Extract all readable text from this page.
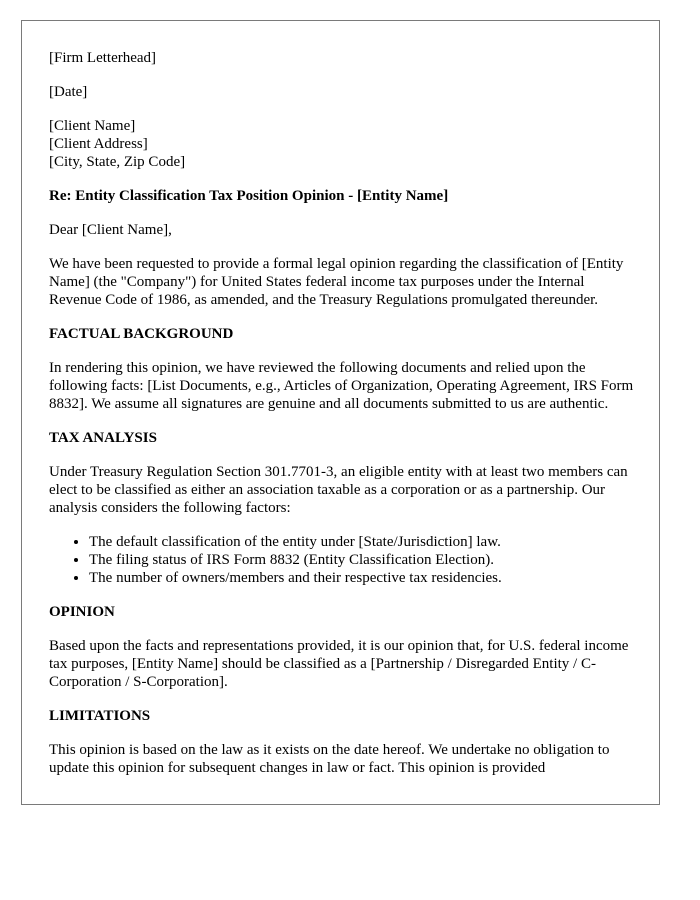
[Firm Letterhead]

[Date]

[Client Name]
[Client Address]
[City, State, Zip Code]

Re: Entity Classification Tax Position Opinion - [Entity Name]

Dear [Client Name],

We have been requested to provide a formal legal opinion regarding the classification of [Entity Name] (the "Company") for United States federal income tax purposes under the Internal Revenue Code of 1986, as amended, and the Treasury Regulations promulgated thereunder.

FACTUAL BACKGROUND

In rendering this opinion, we have reviewed the following documents and relied upon the following facts: [List Documents, e.g., Articles of Organization, Operating Agreement, IRS Form 8832]. We assume all signatures are genuine and all documents submitted to us are authentic.

TAX ANALYSIS

Under Treasury Regulation Section 301.7701-3, an eligible entity with at least two members can elect to be classified as either an association taxable as a corporation or as a partnership. Our analysis considers the following factors:

• The default classification of the entity under [State/Jurisdiction] law.
• The filing status of IRS Form 8832 (Entity Classification Election).
• The number of owners/members and their respective tax residencies.
OPINION

Based upon the facts and representations provided, it is our opinion that, for U.S. federal income tax purposes, [Entity Name] should be classified as a [Partnership / Disregarded Entity / C-Corporation / S-Corporation].

LIMITATIONS

This opinion is based on the law as it exists on the date hereof. We undertake no obligation to update this opinion for subsequent changes in law or fact. This opinion is provided
